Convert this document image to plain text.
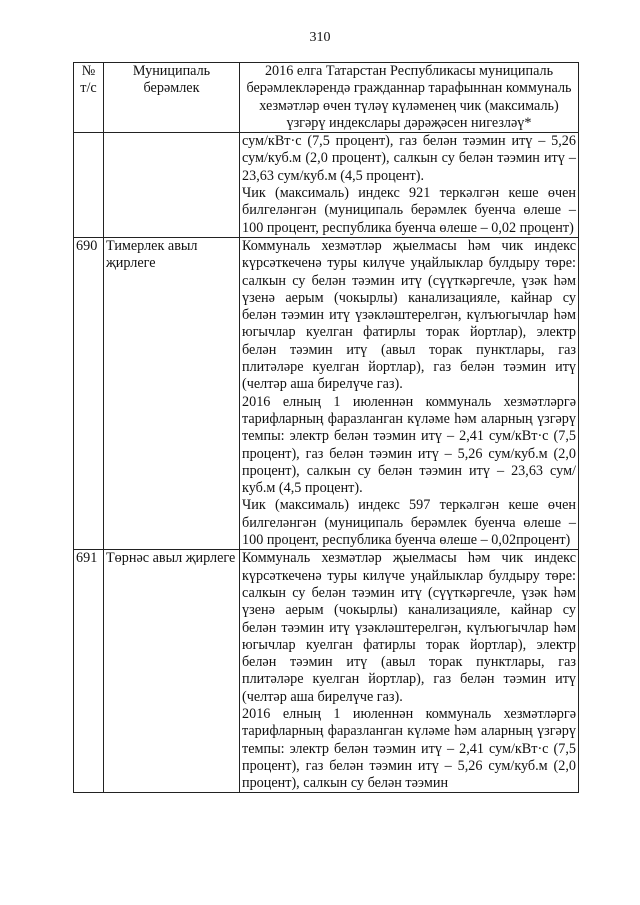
310
№ т/с	Муниципаль берәмлек	2016 елга Татарстан Республикасы муниципаль берәмлекләрендә гражданнар тарафыннан коммуналь хезмәтләр өчен түләү күләменең чик (максималь) үзгәрү индекслары дәрәҗәсен нигезләү*

		сум/кВт·с (7,5 процент), газ белән тәэмин итү – 5,26 сум/куб.м (2,0 процент), салкын су белән тәэмин итү – 23,63 сум/куб.м (4,5 процент).

Чик (максималь) индекс 921 теркәлгән кеше өчен билгеләнгән (муниципаль берәмлек буенча өлеше – 100 процент, республика буенча өлеше – 0,02 процент)

690	Тимерлек авыл җирлеге	Коммуналь хезмәтләр җыелмасы һәм чик индекс күрсәткеченә туры килүче уңайлыклар булдыру төре: салкын су белән тәэмин итү (сүүткәргечле, үзәк һәм үзенә аерым (чокырлы) канализацияле, кайнар су белән тәэмин итү үзәкләштерелгән, күлъюгычлар һәм югычлар куелган фатирлы торак йортлар), электр белән тәэмин итү (авыл торак пунктлары, газ плитәләре куелган йортлар), газ белән тәэмин итү (челтәр аша бирелүче газ).

2016 елның 1 июленнән коммуналь хезмәтләргә тарифларның фаразланган күләме һәм аларның үзгәрү темпы: электр белән тәэмин итү – 2,41 сум/кВт·с (7,5 процент), газ белән тәэмин итү – 5,26 сум/куб.м (2,0 процент), салкын су белән тәэмин итү – 23,63 сум/куб.м (4,5 процент).

Чик (максималь) индекс 597 теркәлгән кеше өчен билгеләнгән (муниципаль берәмлек буенча өлеше – 100 процент, республика буенча өлеше – 0,02процент)

691	Төрнәс авыл җирлеге	Коммуналь хезмәтләр җыелмасы һәм чик индекс күрсәткеченә туры килүче уңайлыклар булдыру төре: салкын су белән тәэмин итү (сүүткәргечле, үзәк һәм үзенә аерым (чокырлы) канализацияле, кайнар су белән тәэмин итү үзәкләштерелгән, күлъюгычлар һәм югычлар куелган фатирлы торак йортлар), электр белән тәэмин итү (авыл торак пунктлары, газ плитәләре куелган йортлар), газ белән тәэмин итү (челтәр аша бирелүче газ).

2016 елның 1 июленнән коммуналь хезмәтләргә тарифларның фаразланган күләме һәм аларның үзгәрү темпы: электр белән тәэмин итү – 2,41 сум/кВт·с (7,5 процент), газ белән тәэмин итү – 5,26 сум/куб.м (2,0 процент), салкын су белән тәэмин
